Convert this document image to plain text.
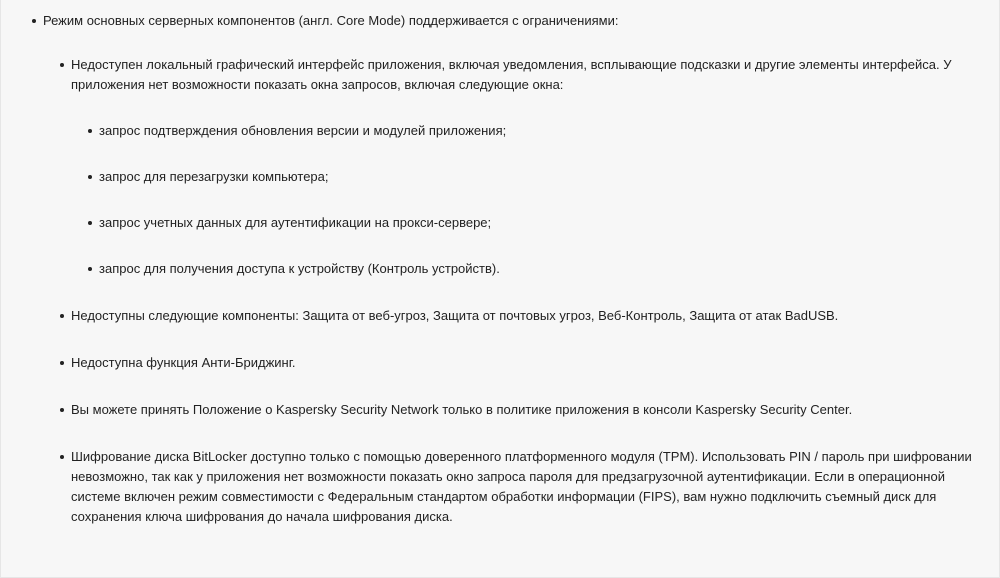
Режим основных серверных компонентов (англ. Core Mode) поддерживается с ограничениями:
Недоступен локальный графический интерфейс приложения, включая уведомления, всплывающие подсказки и другие элементы интерфейса. У приложения нет возможности показать окна запросов, включая следующие окна:
запрос подтверждения обновления версии и модулей приложения;
запрос для перезагрузки компьютера;
запрос учетных данных для аутентификации на прокси-сервере;
запрос для получения доступа к устройству (Контроль устройств).
Недоступны следующие компоненты: Защита от веб-угроз, Защита от почтовых угроз, Веб-Контроль, Защита от атак BadUSB.
Недоступна функция Анти-Бриджинг.
Вы можете принять Положение о Kaspersky Security Network только в политике приложения в консоли Kaspersky Security Center.
Шифрование диска BitLocker доступно только с помощью доверенного платформенного модуля (TPM). Использовать PIN / пароль при шифровании невозможно, так как у приложения нет возможности показать окно запроса пароля для предзагрузочной аутентификации. Если в операционной системе включен режим совместимости с Федеральным стандартом обработки информации (FIPS), вам нужно подключить съемный диск для сохранения ключа шифрования до начала шифрования диска.
